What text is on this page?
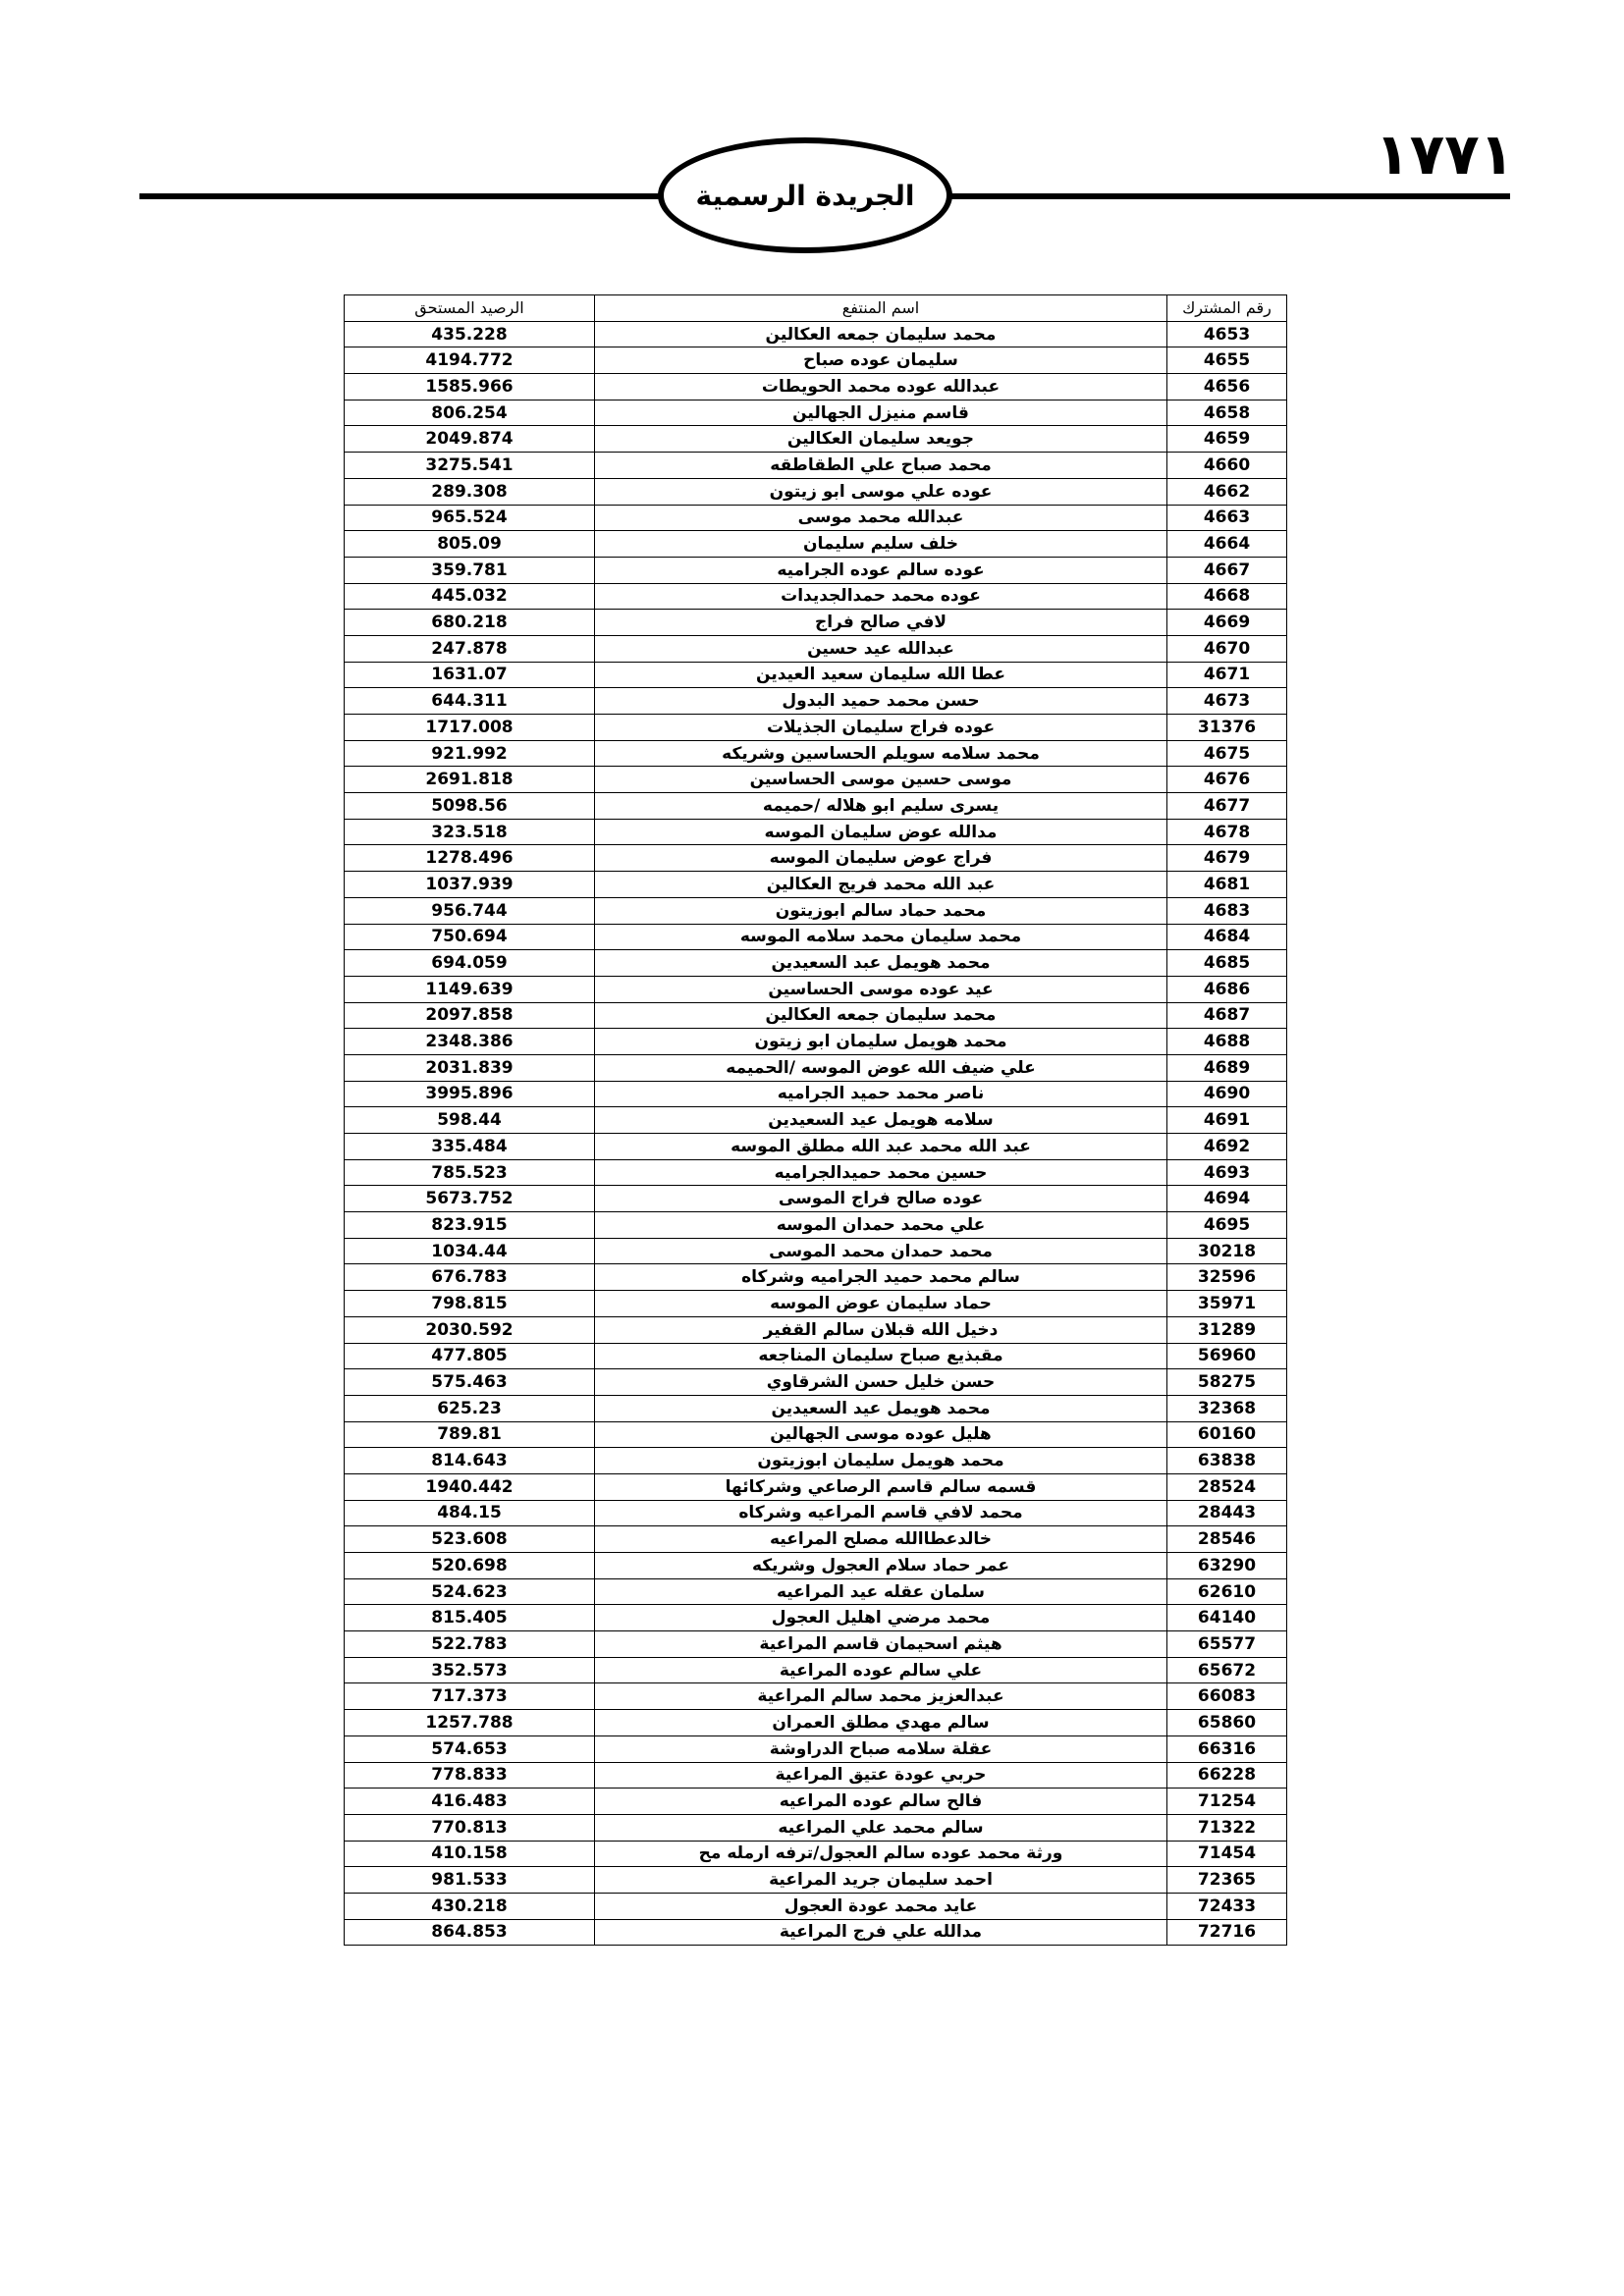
١٧٧١
الجريدة الرسمية
رقم المشترك	اسم المنتفع	الرصيد المستحق
4653	محمد سليمان جمعه العكالين	435.228
4655	سليمان عوده صباح	4194.772
4656	عبدالله عوده محمد الحويطات	1585.966
4658	قاسم منيزل الجهالين	806.254
4659	جويعد سليمان العكالين	2049.874
4660	محمد صباح علي الطقاطقه	3275.541
4662	عوده علي موسى ابو زيتون	289.308
4663	عبدالله محمد موسى	965.524
4664	خلف سليم سليمان	805.09
4667	عوده سالم عوده الجراميه	359.781
4668	عوده محمد حمدالجديدات	445.032
4669	لافي صالح فراج	680.218
4670	عبدالله عيد حسين	247.878
4671	عطا الله سليمان سعيد العيدين	1631.07
4673	حسن محمد حميد البدول	644.311
31376	عوده فراج سليمان الجذيلات	1717.008
4675	محمد سلامه سويلم الحساسين وشريكه	921.992
4676	موسى حسين موسى الحساسين	2691.818
4677	يسرى سليم ابو هلاله /حميمه	5098.56
4678	مدالله عوض سليمان الموسه	323.518
4679	فراج عوض سليمان الموسه	1278.496
4681	عبد الله محمد فريج العكالين	1037.939
4683	محمد حماد سالم ابوزيتون	956.744
4684	محمد سليمان محمد سلامه الموسه	750.694
4685	محمد هويمل عبد السعيدين	694.059
4686	عيد عوده موسى الحساسين	1149.639
4687	محمد سليمان جمعه العكالين	2097.858
4688	محمد هويمل سليمان ابو زيتون	2348.386
4689	علي ضيف الله عوض الموسه /الحميمه	2031.839
4690	ناصر محمد حميد الجراميه	3995.896
4691	سلامه هويمل عيد السعيدين	598.44
4692	عبد الله محمد عبد الله مطلق الموسه	335.484
4693	حسين محمد حميدالجراميه	785.523
4694	عوده صالح فراج الموسى	5673.752
4695	علي محمد حمدان الموسه	823.915
30218	محمد حمدان محمد الموسى	1034.44
32596	سالم محمد حميد الجراميه وشركاه	676.783
35971	حماد سليمان عوض الموسه	798.815
31289	دخيل الله قبلان سالم القفير	2030.592
56960	مقبذيع صباح سليمان المناجعه	477.805
58275	حسن خليل حسن الشرقاوي	575.463
32368	محمد هويمل عيد السعيدين	625.23
60160	هليل عوده موسى الجهالين	789.81
63838	محمد هويمل سليمان ابوزيتون	814.643
28524	قسمه سالم قاسم الرصاعي وشركائها	1940.442
28443	محمد لافي قاسم المراعيه وشركاه	484.15
28546	خالدعطاالله مصلح المراعيه	523.608
63290	عمر حماد سلام العجول وشريكه	520.698
62610	سلمان عقله عيد المراعيه	524.623
64140	محمد مرضي اهليل العجول	815.405
65577	هيثم اسحيمان قاسم المراعية	522.783
65672	علي سالم عوده المراعية	352.573
66083	عبدالعزيز محمد سالم المراعية	717.373
65860	سالم مهدي مطلق العمران	1257.788
66316	عقلة سلامه صباح الدراوشة	574.653
66228	حربي عودة عتيق المراعية	778.833
71254	فالح سالم عوده المراعيه	416.483
71322	سالم محمد علي المراعيه	770.813
71454	ورثة محمد عوده سالم العجول/ترفه ارمله مح	410.158
72365	احمد سليمان جريد المراعية	981.533
72433	عايد محمد عودة العجول	430.218
72716	مدالله علي فرج المراعية	864.853
